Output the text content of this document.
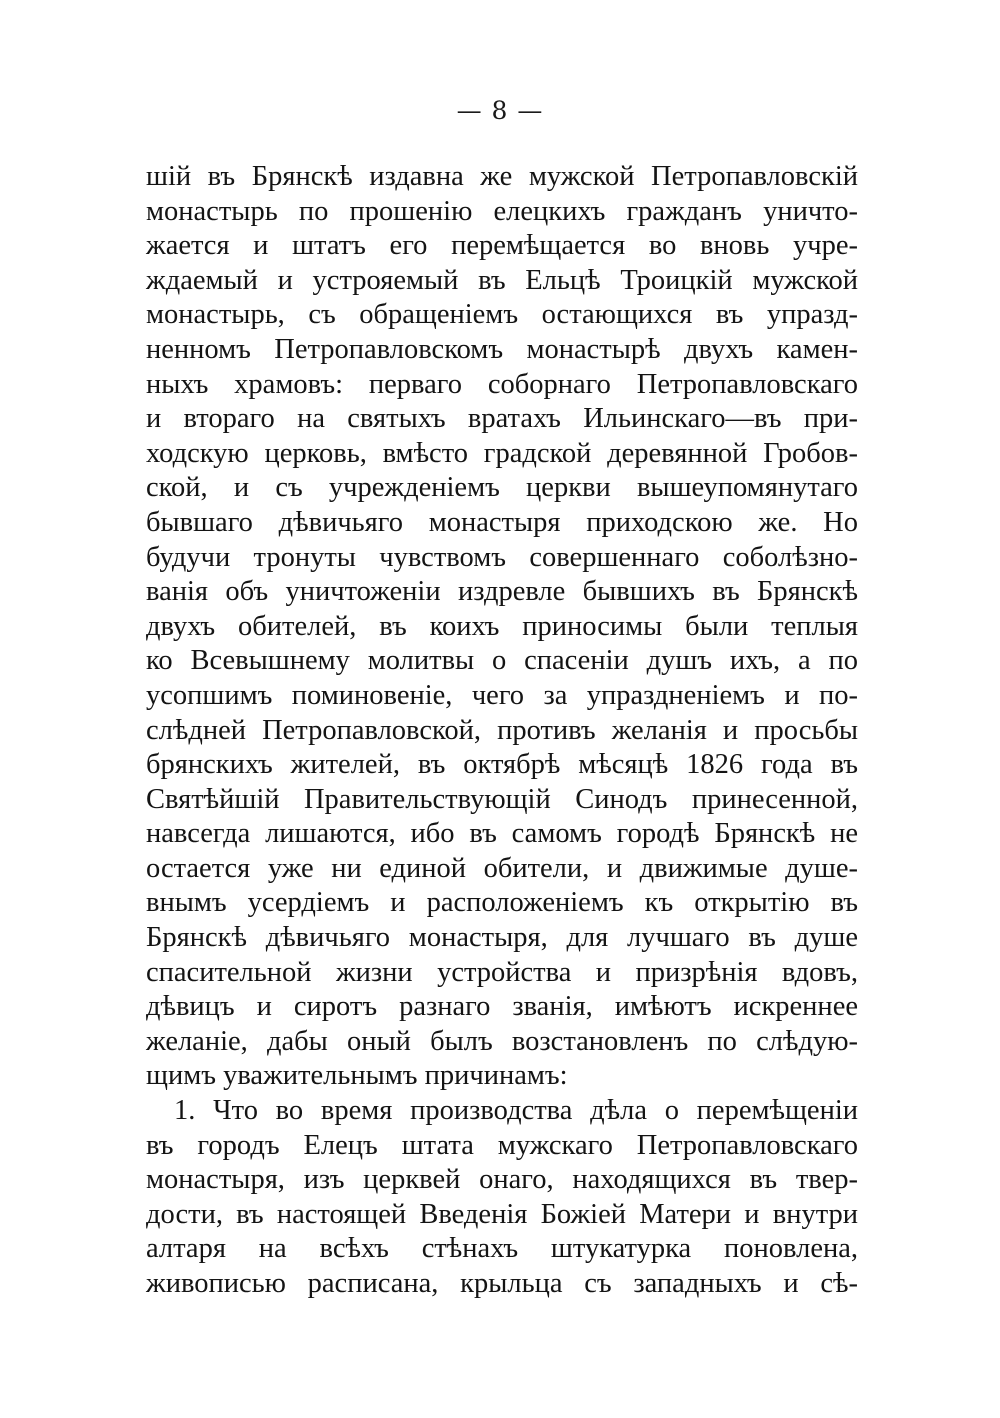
— 8 —
шій въ Брянскѣ издавна же мужской Петропавловскій
монастырь по прошенію елецкихъ гражданъ уничто-
жается и штатъ его перемѣщается во вновь учре-
ждаемый и устрояемый въ Ельцѣ Троицкій мужской
монастырь, съ обращеніемъ остающихся въ упразд-
ненномъ Петропавловскомъ монастырѣ двухъ камен-
ныхъ храмовъ: перваго соборнаго Петропавловскаго
и втораго на святыхъ вратахъ Ильинскаго—въ при-
ходскую церковь, вмѣсто градской деревянной Гробов-
ской, и съ учрежденіемъ церкви вышеупомянутаго
бывшаго дѣвичьяго монастыря приходскою же. Но
будучи тронуты чувствомъ совершеннаго соболѣзно-
ванія объ уничтоженіи издревле бывшихъ въ Брянскѣ
двухъ обителей, въ коихъ приносимы были теплыя
ко Всевышнему молитвы о спасеніи душъ ихъ, а по
усопшимъ поминовеніе, чего за упраздненіемъ и по-
слѣдней Петропавловской, противъ желанія и просьбы
брянскихъ жителей, въ октябрѣ мѣсяцѣ 1826 года въ
Святѣйшій Правительствующій Синодъ принесенной,
навсегда лишаются, ибо въ самомъ городѣ Брянскѣ не
остается уже ни единой обители, и движимые душе-
внымъ усердіемъ и расположеніемъ къ открытію въ
Брянскѣ дѣвичьяго монастыря, для лучшаго въ душе
спасительной жизни устройства и призрѣнія вдовъ,
дѣвицъ и сиротъ разнаго званія, имѣютъ искреннее
желаніе, дабы оный былъ возстановленъ по слѣдую-
щимъ уважительнымъ причинамъ:
1. Что во время производства дѣла о перемѣщеніи
въ городъ Елецъ штата мужскаго Петропавловскаго
монастыря, изъ церквей онаго, находящихся въ твер-
дости, въ настоящей Введенія Божіей Матери и внутри
алтаря на всѣхъ стѣнахъ штукатурка поновлена,
живописью расписана, крыльца съ западныхъ и сѣ-
